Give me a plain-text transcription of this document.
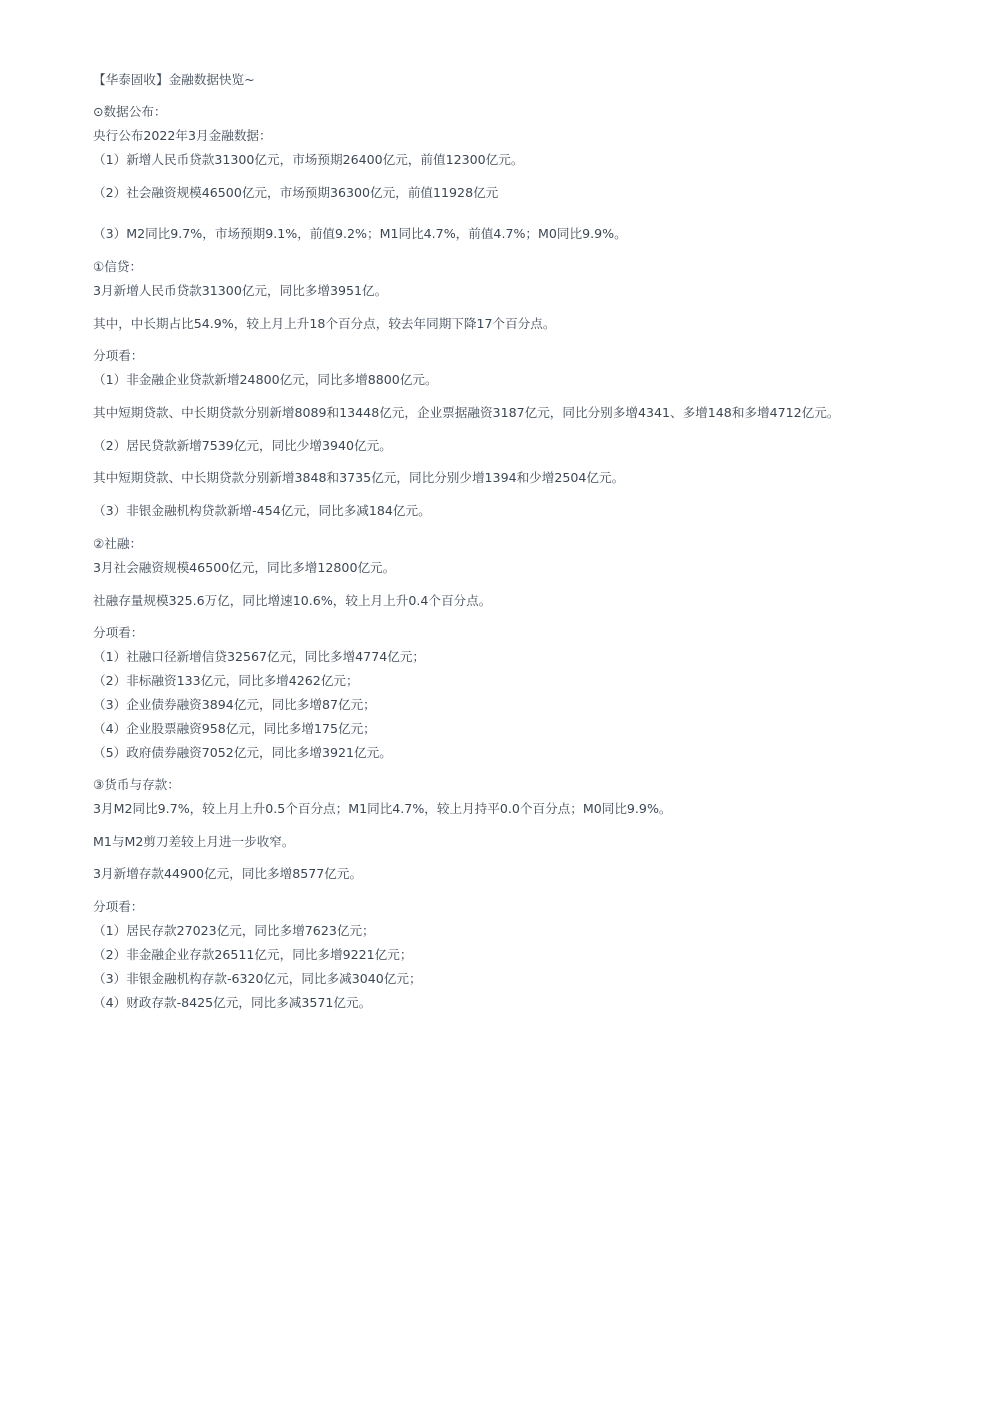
【华泰固收】金融数据快览~
⊙数据公布：
央行公布2022年3月金融数据：
（1）新增人民币贷款31300亿元，市场预期26400亿元，前值12300亿元。
（2）社会融资规模46500亿元，市场预期36300亿元，前值11928亿元
（3）M2同比9.7%，市场预期9.1%，前值9.2%；M1同比4.7%，前值4.7%；M0同比9.9%。
①信贷：
3月新增人民币贷款31300亿元，同比多增3951亿。
其中，中长期占比54.9%，较上月上升18个百分点，较去年同期下降17个百分点。
分项看：
（1）非金融企业贷款新增24800亿元，同比多增8800亿元。
其中短期贷款、中长期贷款分别新增8089和13448亿元，企业票据融资3187亿元，同比分别多增4341、多增148和多增4712亿元。
（2）居民贷款新增7539亿元，同比少增3940亿元。
其中短期贷款、中长期贷款分别新增3848和3735亿元，同比分别少增1394和少增2504亿元。
（3）非银金融机构贷款新增-454亿元，同比多减184亿元。
②社融：
3月社会融资规模46500亿元，同比多增12800亿元。
社融存量规模325.6万亿，同比增速10.6%，较上月上升0.4个百分点。
分项看：
（1）社融口径新增信贷32567亿元，同比多增4774亿元；
（2）非标融资133亿元，同比多增4262亿元；
（3）企业债券融资3894亿元，同比多增87亿元；
（4）企业股票融资958亿元，同比多增175亿元；
（5）政府债券融资7052亿元，同比多增3921亿元。
③货币与存款：
3月M2同比9.7%，较上月上升0.5个百分点；M1同比4.7%，较上月持平0.0个百分点；M0同比9.9%。
M1与M2剪刀差较上月进一步收窄。
3月新增存款44900亿元，同比多增8577亿元。
分项看：
（1）居民存款27023亿元，同比多增7623亿元；
（2）非金融企业存款26511亿元，同比多增9221亿元；
（3）非银金融机构存款-6320亿元，同比多减3040亿元；
（4）财政存款-8425亿元，同比多减3571亿元。
